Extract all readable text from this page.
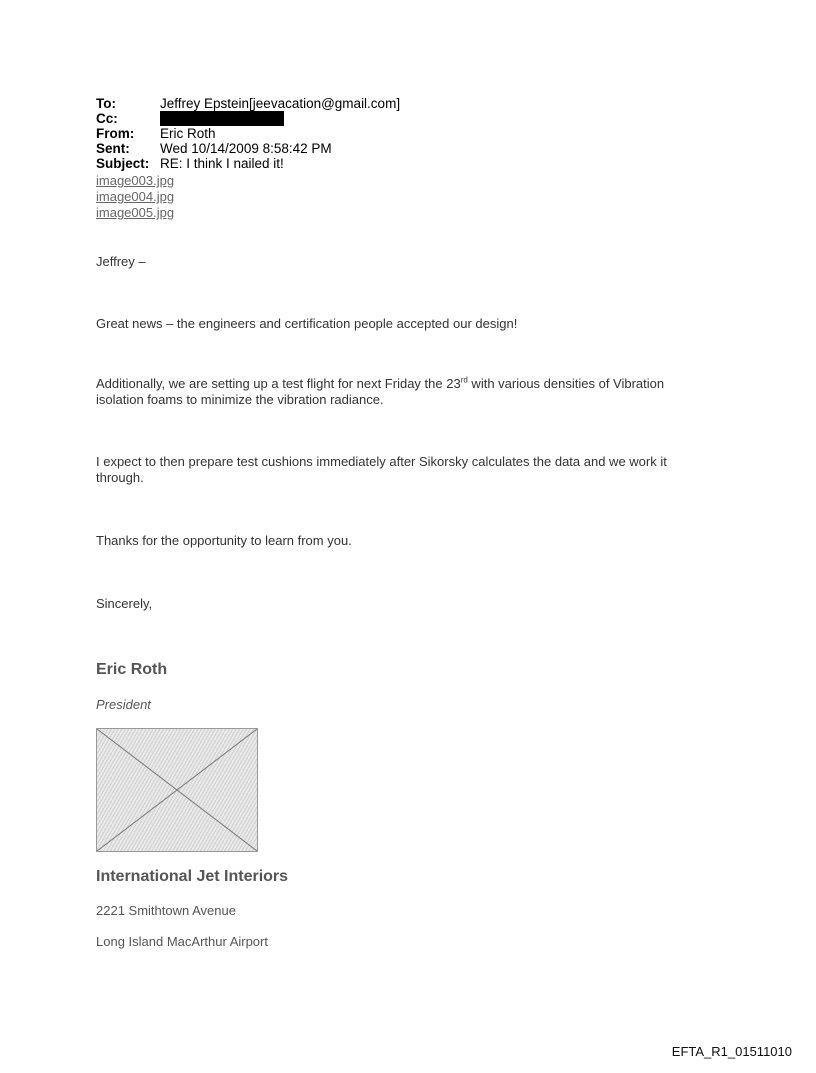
To:	Jeffrey Epstein[jeevacation@gmail.com]
Cc:
From:	Eric Roth
Sent:	Wed 10/14/2009 8:58:42 PM
Subject: RE: I think I nailed it!
image003.jpg
image004.jpg
image005.jpg
Jeffrey –
Great news – the engineers and certification people accepted our design!
Additionally, we are setting up a test flight for next Friday the 23rd with various densities of Vibration isolation foams to minimize the vibration radiance.
I expect to then prepare test cushions immediately after Sikorsky calculates the data and we work it through.
Thanks for the opportunity to learn from you.
Sincerely,
Eric Roth
President
International Jet Interiors
2221 Smithtown Avenue
Long Island MacArthur Airport
EFTA_R1_01511010
